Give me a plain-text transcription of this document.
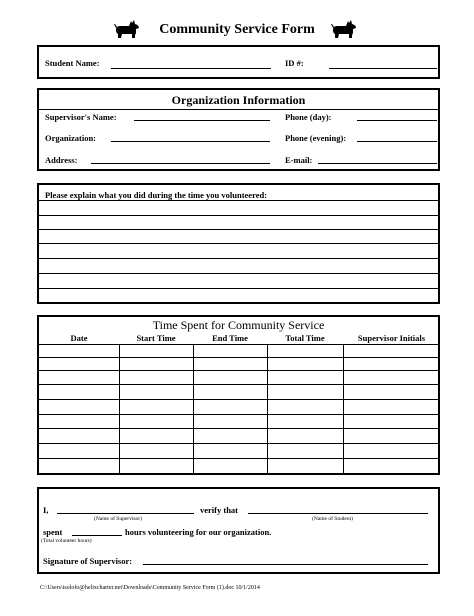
Community Service Form
Student Name:	ID #:
Organization Information
Supervisor's Name:	Phone (day):
Organization:	Phone (evening):
Address:	E-mail:
Please explain what you did during the time you volunteered:
Time Spent for Community Service
Date	Start Time	End Time	Total Time	Supervisor Initials
I,	verify that
(Name of Supervisor)	(Name of Student)
spent	hours volunteering for our organization.
(Total volunteer hours)
Signature of Supervisor:
C:\Users\tsolofo@helixcharter.net\Downloads\Community Service Form (1).doc 10/1/2014
